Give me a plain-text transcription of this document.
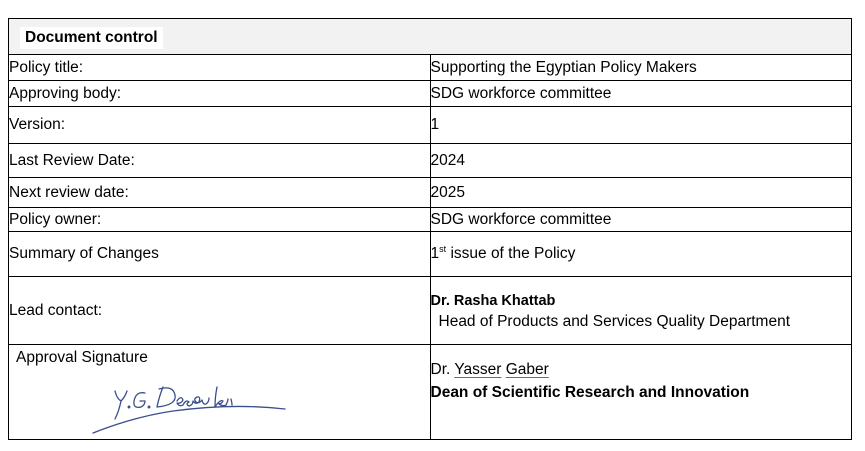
Document control	
Policy title:	Supporting the Egyptian Policy Makers
Approving body:	SDG workforce committee
Version:	1
Last Review Date:	2024
Next review date:	2025
Policy owner:	SDG workforce committee
Summary of Changes	1st issue of the Policy
Lead contact:	Dr. Rasha Khattab
Head of Products and Services Quality Department

Approval Signature	Dr. Yasser Gaber
Dean of Scientific Research and Innovation
